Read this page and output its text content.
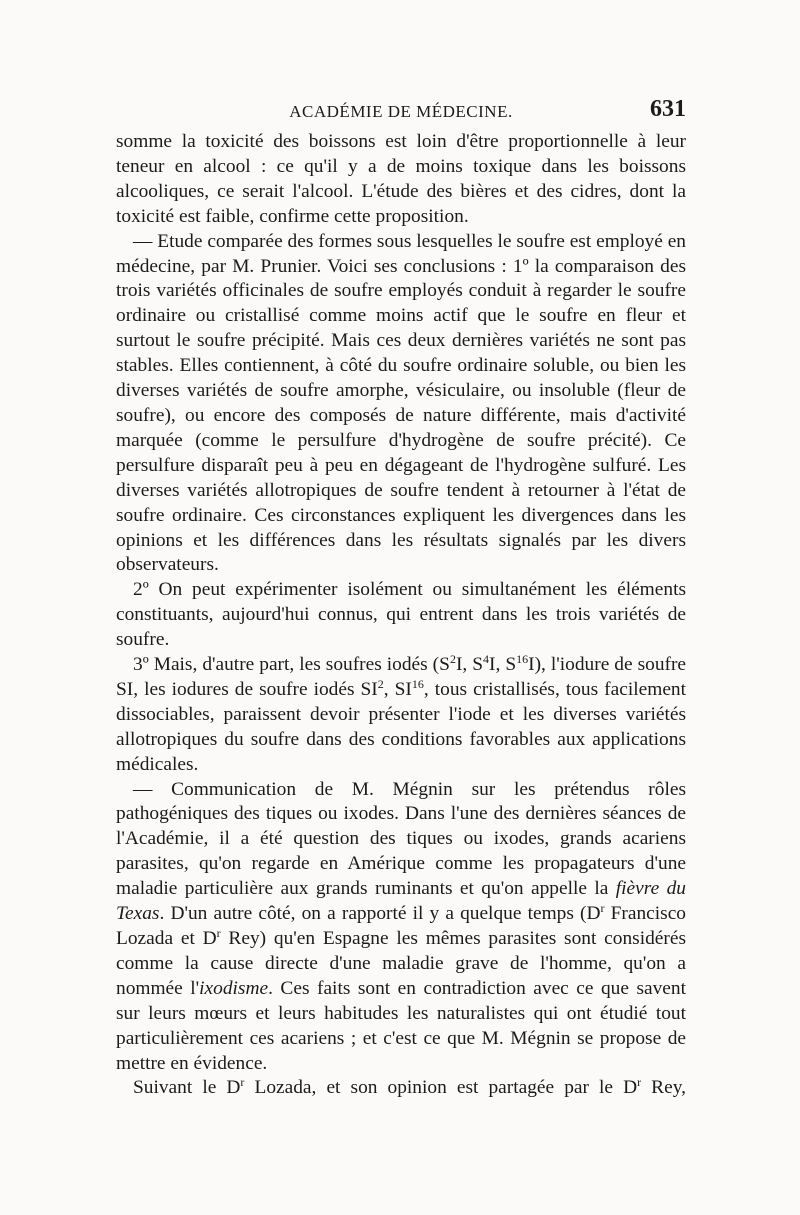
ACADÉMIE DE MÉDECINE.	631

somme la toxicité des boissons est loin d'être proportionnelle à leur teneur en alcool : ce qu'il y a de moins toxique dans les boissons alcooliques, ce serait l'alcool. L'étude des bières et des cidres, dont la toxicité est faible, confirme cette proposition.

— Etude comparée des formes sous lesquelles le soufre est employé en médecine, par M. Prunier. Voici ses conclusions : 1º la comparaison des trois variétés officinales de soufre employés conduit à regarder le soufre ordinaire ou cristallisé comme moins actif que le soufre en fleur et surtout le soufre précipité. Mais ces deux dernières variétés ne sont pas stables. Elles contiennent, à côté du soufre ordinaire soluble, ou bien les diverses variétés de soufre amorphe, vésiculaire, ou insoluble (fleur de soufre), ou encore des composés de nature différente, mais d'activité marquée (comme le persulfure d'hydrogène de soufre précité). Ce persulfure disparaît peu à peu en dégageant de l'hydrogène sulfuré. Les diverses variétés allotropiques de soufre tendent à retourner à l'état de soufre ordinaire. Ces circonstances expliquent les divergences dans les opinions et les différences dans les résultats signalés par les divers observateurs.

2º On peut expérimenter isolément ou simultanément les éléments constituants, aujourd'hui connus, qui entrent dans les trois variétés de soufre.

3º Mais, d'autre part, les soufres iodés ($S^2I$, $S^4I$, $S^{16}I$), l'iodure de soufre SI, les iodures de soufre iodés $SI^2$, SI$^{16}$, tous cristallisés, tous facilement dissociables, paraissent devoir présenter l'iode et les diverses variétés allotropiques du soufre dans des conditions favorables aux applications médicales.

— Communication de M. Mégnin sur les prétendus rôles pathogéniques des tiques ou ixodes. Dans l'une des dernières séances de l'Académie, il a été question des tiques ou ixodes, grands acariens parasites, qu'on regarde en Amérique comme les propagateurs d'une maladie particulière aux grands ruminants et qu'on appelle la fièvre du Texas. D'un autre côté, on a rapporté il y a quelque temps ($D^r$ Francisco Lozada et $D^r$ Rey) qu'en Espagne les mêmes parasites sont considérés comme la cause directe d'une maladie grave de l'homme, qu'on a nommée l'ixodisme. Ces faits sont en contradiction avec ce que savent sur leurs mœurs et leurs habitudes les naturalistes qui ont étudié tout particulièrement ces acariens ; et c'est ce que M. Mégnin se propose de mettre en évidence.

Suivant le $D^r$ Lozada, et son opinion est partagée par le $D^r$ Rey,
